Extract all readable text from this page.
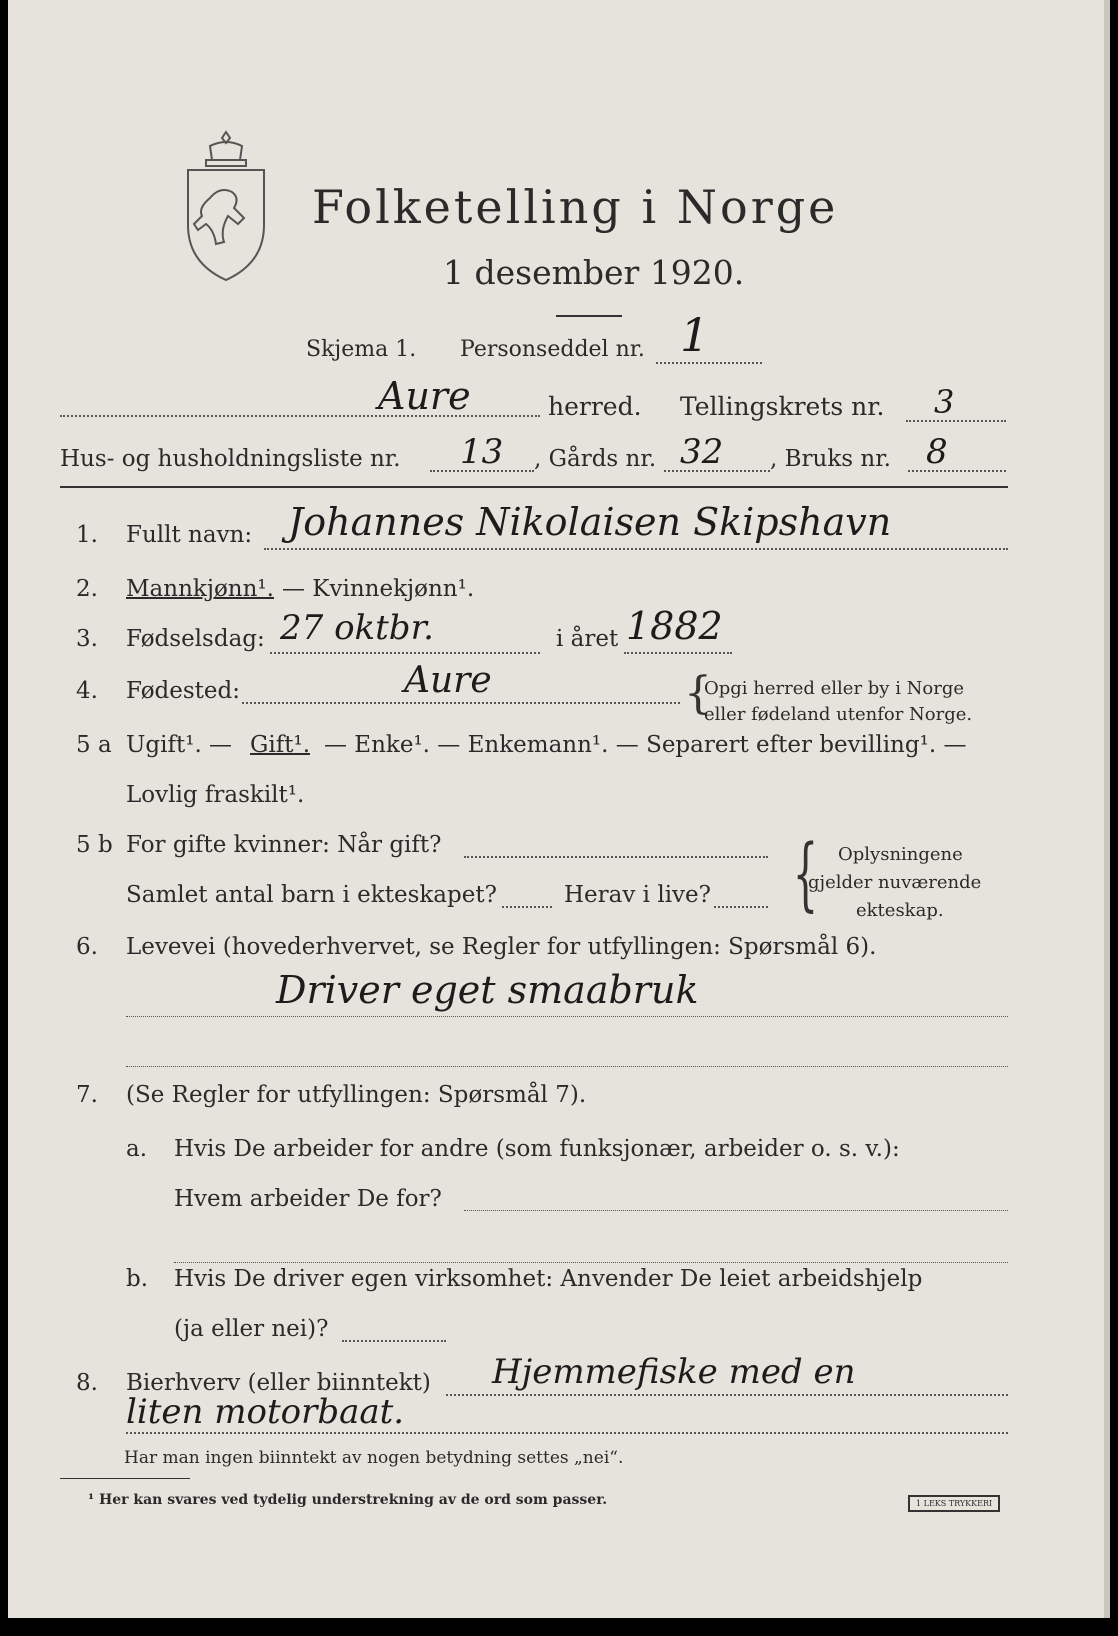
Folketelling i Norge
1 desember 1920.
Skjema 1. Personseddel nr. 1
Aure	herred. Tellingskrets nr. 3
Hus- og husholdningsliste nr. 13 , Gårds nr. 32 , Bruks nr. 8
1. Fullt navn: Johannes Nikolaisen Skipshavn
2. Mannkjønn¹. — Kvinnekjønn¹.
3. Fødselsdag: 27 oktbr.	i året 1882
4. Fødested:	Aure	{
Opgi herred eller by i Norge
eller fødeland utenfor Norge.
5 a Ugift¹. — Gift¹. — Enke¹. — Enkemann¹. — Separert efter bevilling¹. —
Lovlig fraskilt¹.
5 b For gifte kvinner: Når gift?
Samlet antal barn i ekteskapet?	Herav i live? { Oplysningene
gjelder nuværende
ekteskap.
6. Levevei (hovederhvervet, se Regler for utfyllingen: Spørsmål 6).
Driver eget smaabruk
7. (Se Regler for utfyllingen: Spørsmål 7).
a. Hvis De arbeider for andre (som funksjonær, arbeider o. s. v.):
Hvem arbeider De for?
b. Hvis De driver egen virksomhet: Anvender De leiet arbeidshjelp
(ja eller nei)?
8. Bierhverv (eller biinntekt) Hjemmefiske med en
liten motorbaat.
Har man ingen biinntekt av nogen betydning settes „nei“.
¹ Her kan svares ved tydelig understrekning av de ord som passer.	1 LEKS TRYKKERI
